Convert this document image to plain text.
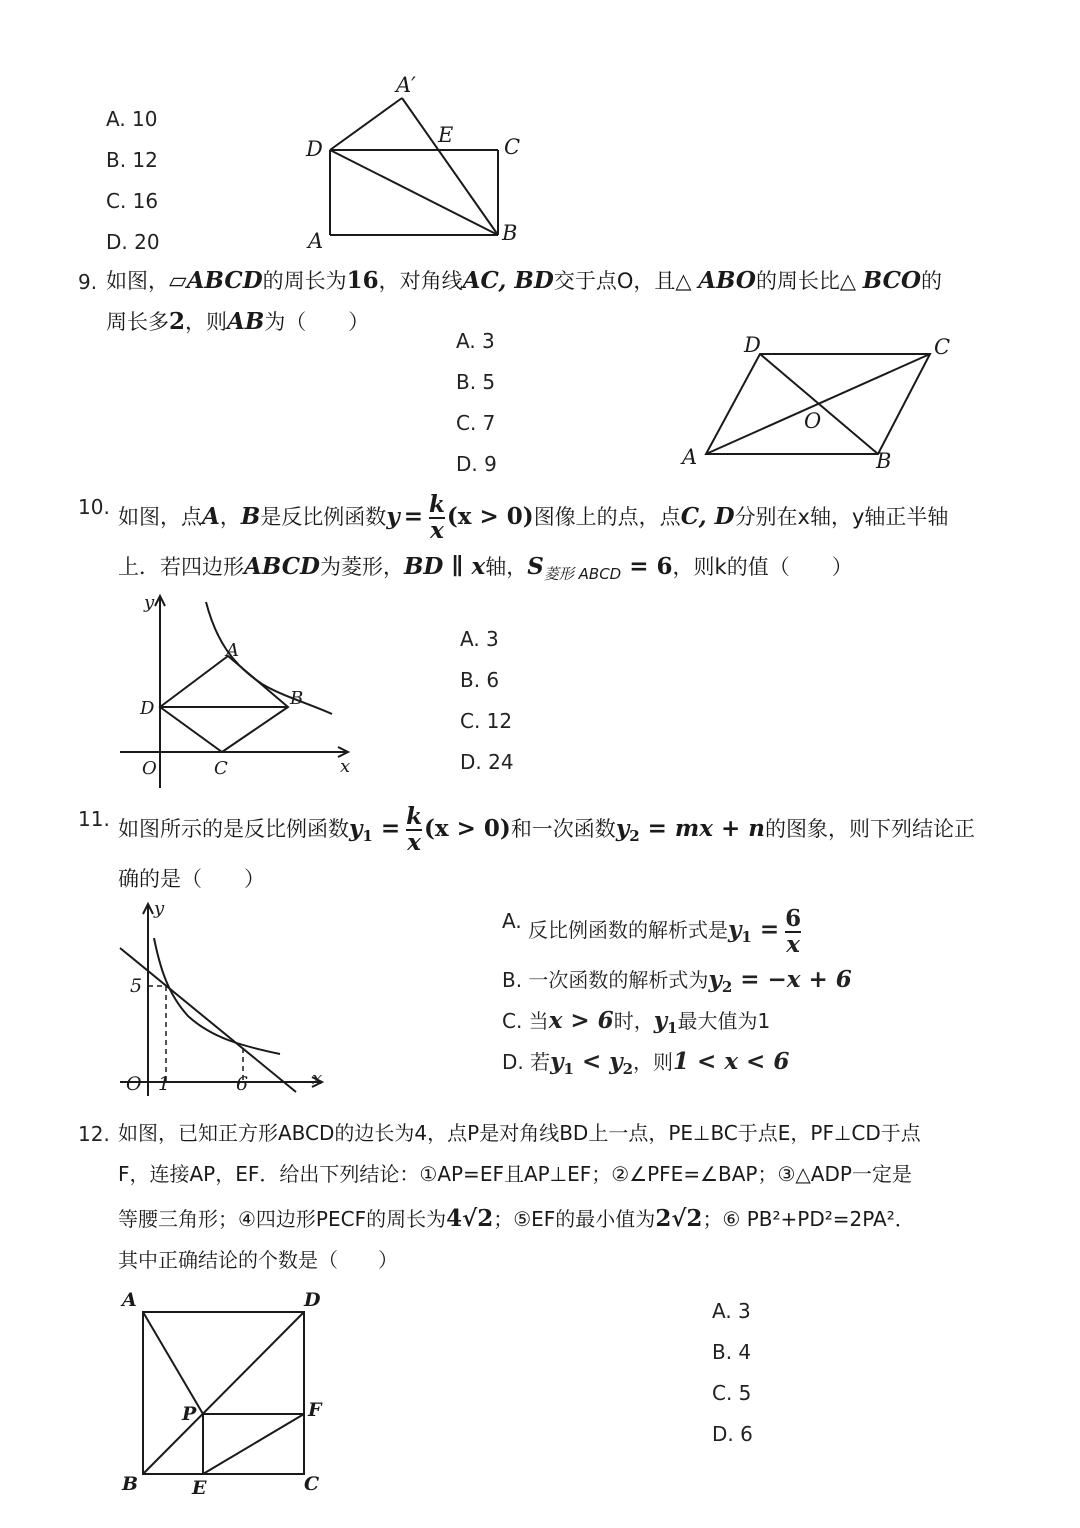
A. 10
B. 12
C. 16
D. 20
A′
D
E C
A	B
9. 如图，▱ABCD的周长为16，对角线AC, BD交于点O，且△ ABO的周长比△ BCO的
周长多2，则AB为（　　）
A. 3
B. 5
C. 7
D. 9
D	C
O
A	B
10. 如图，点A，B是反比例函数$y = \frac{k}{x} (x > 0)$图像上的点，点C, D分别在x轴，y轴正半轴
上．若四边形ABCD为菱形，BD ∥ x轴，$S_{菱形 ABCD} = 6$，则k的值（　　）
y
A
B
D
O	C	x
A. 3
B. 6
C. 12
D. 24
11. 如图所示的是反比例函数$y_1 = \frac{k}{x} (x > 0)$和一次函数$y_2$ = mx + n的图象，则下列结论正
确的是（　　）
y
5
O 1	6	x
A. 反比例函数的解析式是$y_1 = \frac{6}{x}$
B. 一次函数的解析式为$y_2 = -x + 6$
C. 当x > 6时，$y_1$最大值为1
D. 若$y_1 < y_2$，则1 < x < 6
12. 如图，已知正方形ABCD的边长为4，点P是对角线BD上一点，PE⊥BC于点E，PF⊥CD于点
F，连接AP，EF．给出下列结论：①AP=EF且AP⊥EF；②∠PFE=∠BAP；③△ADP一定是
等腰三角形；④四边形PECF的周长为4√2；⑤EF的最小值为2√2；⑥ PB²+PD²=2PA²．
其中正确结论的个数是（　　）
A	D
P	F
B	E	C
A. 3
B. 4
C. 5
D. 6
